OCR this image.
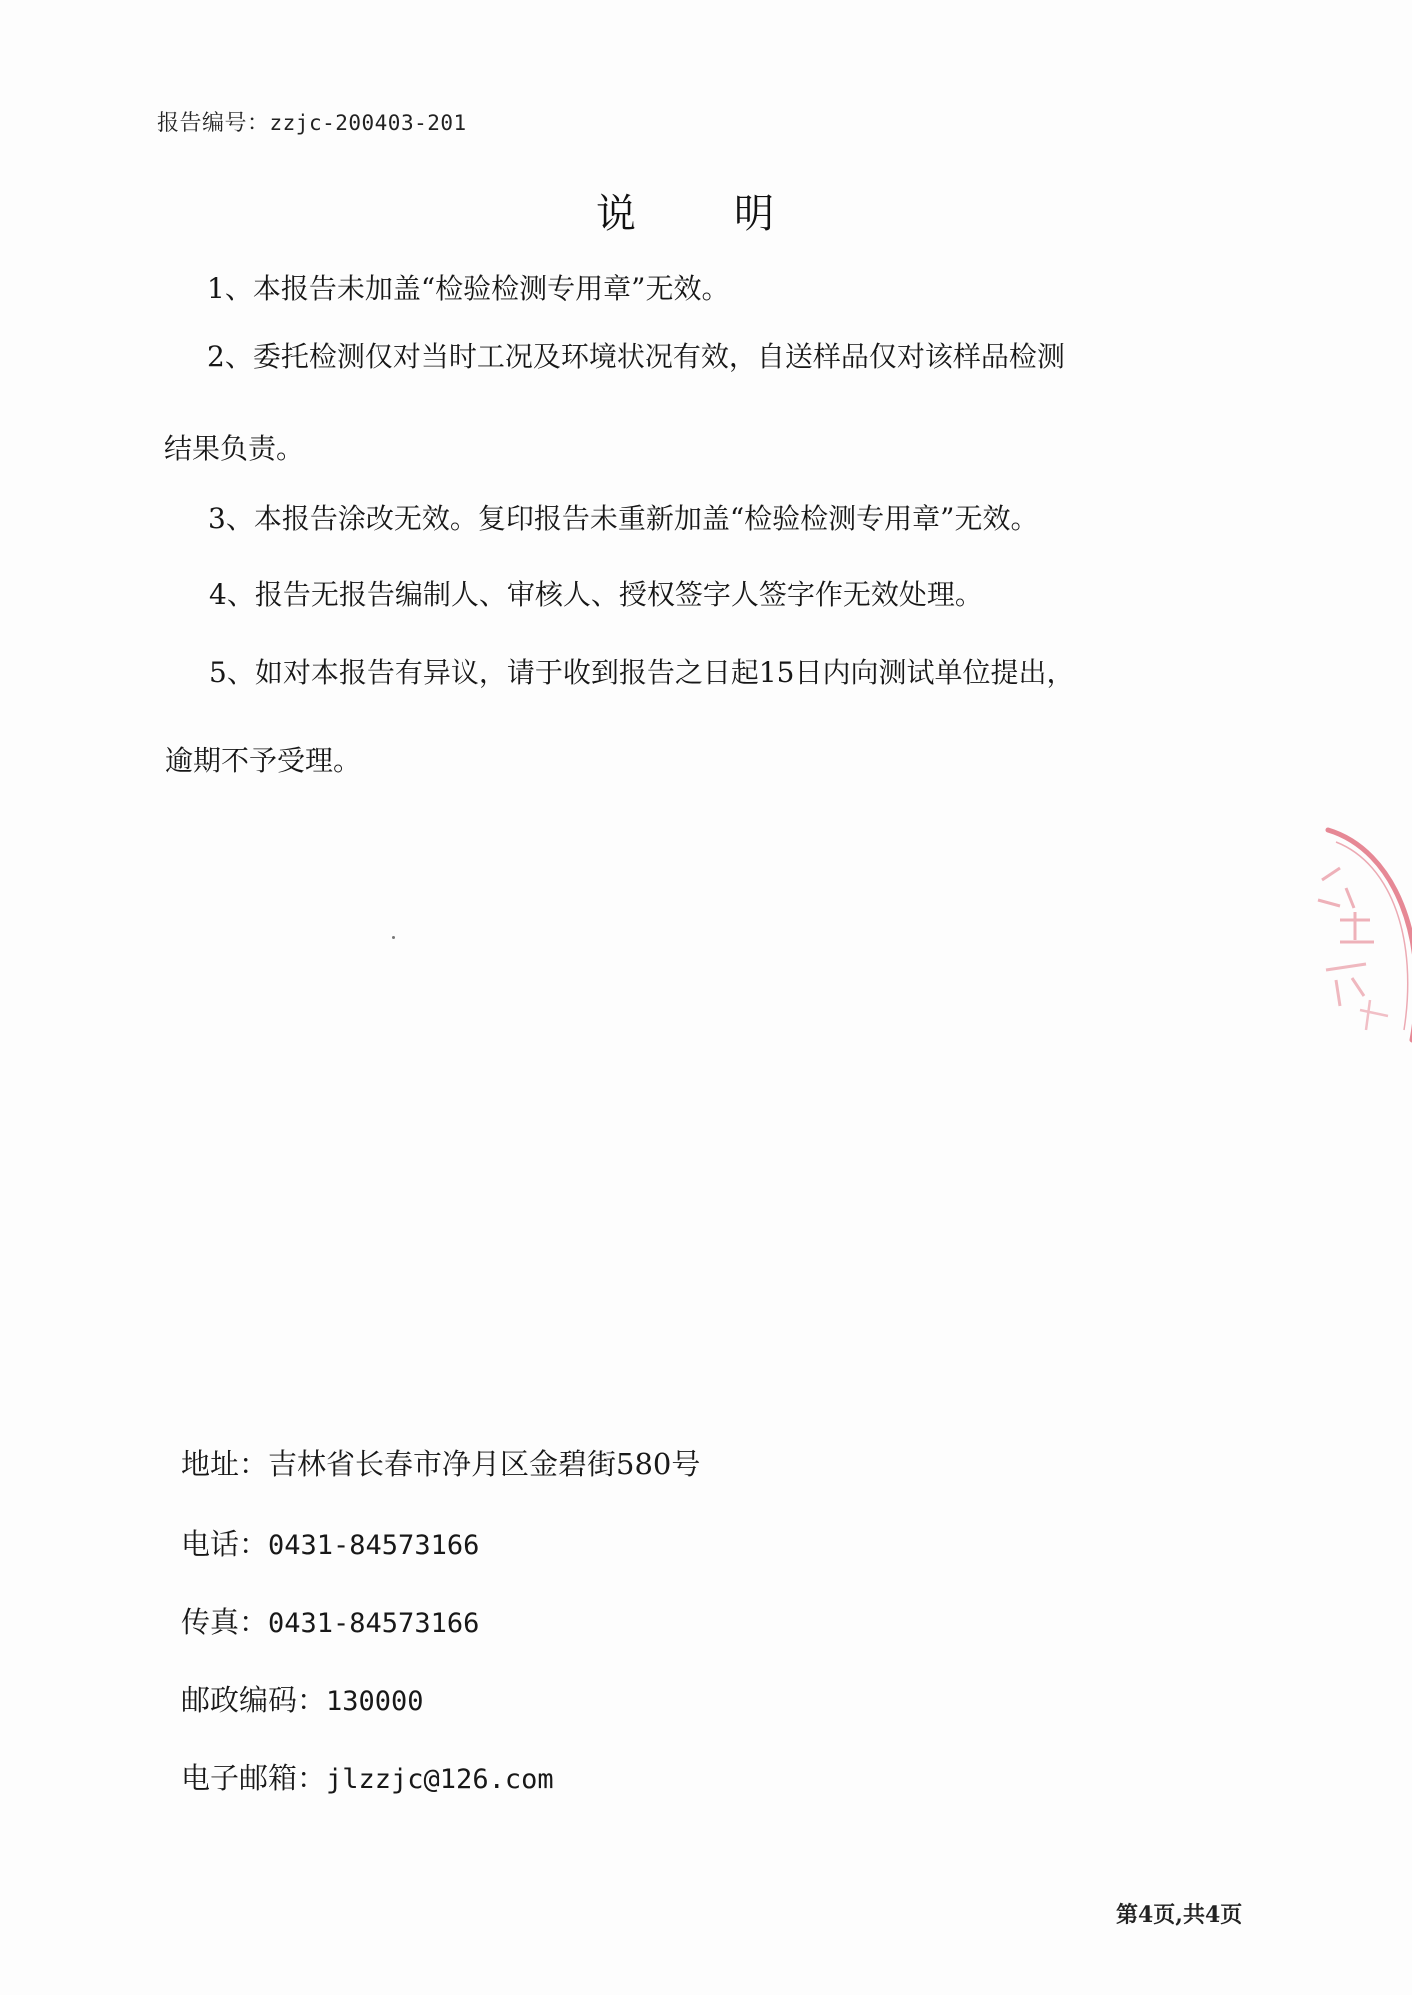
报告编号：zzjc-200403-201
说明
1、本报告未加盖“检验检测专用章”无效。
2、委托检测仅对当时工况及环境状况有效，自送样品仅对该样品检测
结果负责。
3、本报告涂改无效。复印报告未重新加盖“检验检测专用章”无效。
4、报告无报告编制人、审核人、授权签字人签字作无效处理。
5、如对本报告有异议，请于收到报告之日起15日内向测试单位提出，
逾期不予受理。
地址：吉林省长春市净月区金碧街580号
电话：0431-84573166
传真：0431-84573166
邮政编码：130000
电子邮箱：jlzzjc@126.com
第4页,共4页
